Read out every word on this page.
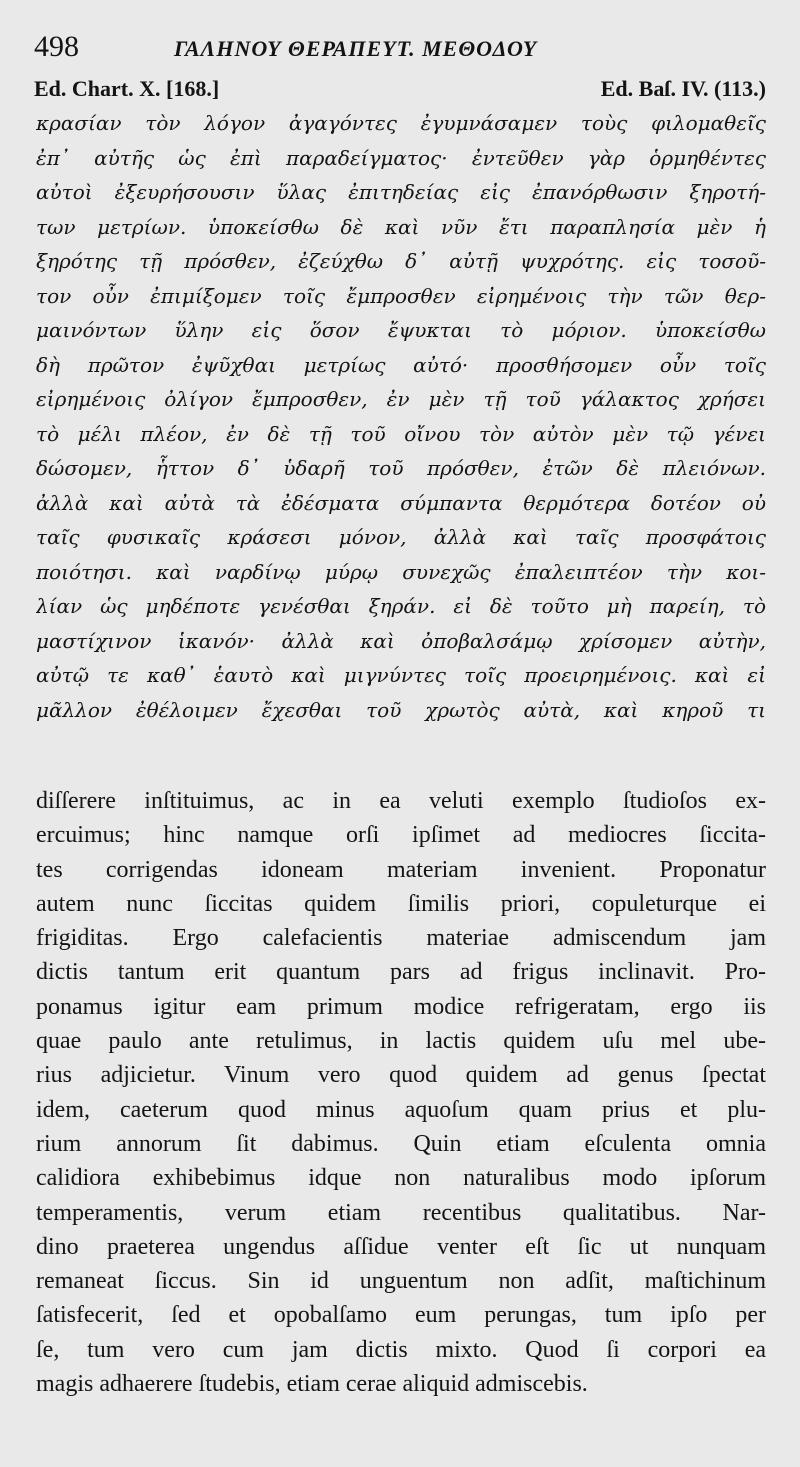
498	ΓΑΛΗΝΟΥ ΘΕΡΑΠΕΥΤ. ΜΕΘΟΔΟΥ
Ed. Chart. X. [168.]	Ed. Baſ. IV. (113.)
κρασίαν τὸν λόγον ἀγαγόντες ἐγυμνάσαμεν τοὺς φιλομαθεῖς
ἐπ᾽ αὐτῆς ὡς ἐπὶ παραδείγματος· ἐντεῦθεν γὰρ ὁρμηθέντες
αὐτοὶ ἐξευρήσουσιν ὕλας ἐπιτηδείας εἰς ἐπανόρθωσιν ξηροτή-
των μετρίων. ὑποκείσθω δὲ καὶ νῦν ἔτι παραπλησία μὲν ἡ
ξηρότης τῇ πρόσθεν, ἐζεύχθω δ᾽ αὐτῇ ψυχρότης. εἰς τοσοῦ-
τον οὖν ἐπιμίξομεν τοῖς ἔμπροσθεν εἰρημένοις τὴν τῶν θερ-
μαινόντων ὕλην εἰς ὅσον ἔψυκται τὸ μόριον. ὑποκείσθω
δὴ πρῶτον ἐψῦχθαι μετρίως αὐτό· προσθήσομεν οὖν τοῖς
εἰρημένοις ὀλίγον ἔμπροσθεν, ἐν μὲν τῇ τοῦ γάλακτος χρήσει
τὸ μέλι πλέον, ἐν δὲ τῇ τοῦ οἴνου τὸν αὐτὸν μὲν τῷ γένει
δώσομεν, ἧττον δ᾽ ὑδαρῆ τοῦ πρόσθεν, ἐτῶν δὲ πλειόνων.
ἀλλὰ καὶ αὐτὰ τὰ ἐδέσματα σύμπαντα θερμότερα δοτέον οὐ
ταῖς φυσικαῖς κράσεσι μόνον, ἀλλὰ καὶ ταῖς προσφάτοις
ποιότησι. καὶ ναρδίνῳ μύρῳ συνεχῶς ἐπαλειπτέον τὴν κοι-
λίαν ὡς μηδέποτε γενέσθαι ξηράν. εἰ δὲ τοῦτο μὴ παρείη, τὸ
μαστίχινον ἱκανόν· ἀλλὰ καὶ ὀποβαλσάμῳ χρίσομεν αὐτὴν,
αὐτῷ τε καθ᾽ ἑαυτὸ καὶ μιγνύντες τοῖς προειρημένοις. καὶ εἰ
μᾶλλον ἐθέλοιμεν ἔχεσθαι τοῦ χρωτὸς αὐτὰ, καὶ κηροῦ τι
diſſerere inſtituimus, ac in ea veluti exemplo ſtudioſos ex-
ercuimus; hinc namque orſi ipſimet ad mediocres ſiccita-
tes corrigendas idoneam materiam invenient. Proponatur
autem nunc ſiccitas quidem ſimilis priori, copuleturque ei
frigiditas. Ergo calefacientis materiae admiscendum jam
dictis tantum erit quantum pars ad frigus inclinavit. Pro-
ponamus igitur eam primum modice refrigeratam, ergo iis
quae paulo ante retulimus, in lactis quidem uſu mel ube-
rius adjicietur. Vinum vero quod quidem ad genus ſpectat
idem, caeterum quod minus aquoſum quam prius et plu-
rium annorum ſit dabimus. Quin etiam eſculenta omnia
calidiora exhibebimus idque non naturalibus modo ipſorum
temperamentis, verum etiam recentibus qualitatibus. Nar-
dino praeterea ungendus aſſidue venter eſt ſic ut nunquam
remaneat ſiccus. Sin id unguentum non adſit, maſtichinum
ſatisfecerit, ſed et opobalſamo eum perungas, tum ipſo per
ſe, tum vero cum jam dictis mixto. Quod ſi corpori ea
magis adhaerere ſtudebis, etiam cerae aliquid admiscebis.
